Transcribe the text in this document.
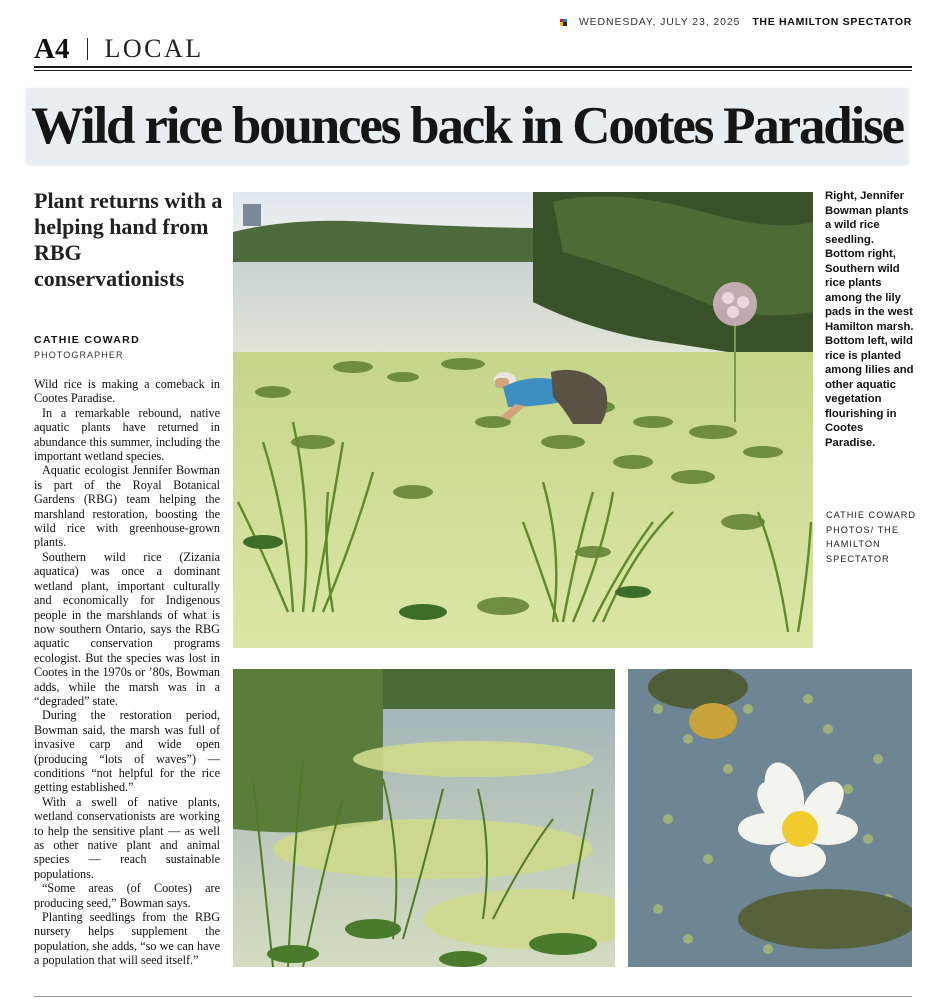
WEDNESDAY, JULY 23, 2025 THE HAMILTON SPECTATOR
A4 LOCAL
Wild rice bounces back in Cootes Paradise
Plant returns with a helping hand from RBG conservationists
CATHIE COWARD
PHOTOGRAPHER

Wild rice is making a comeback in Cootes Paradise.

In a remarkable rebound, native aquatic plants have returned in abundance this summer, including the important wetland species.

Aquatic ecologist Jennifer Bowman is part of the Royal Botanical Gardens (RBG) team helping the marshland restoration, boosting the wild rice with greenhouse-grown plants.

Southern wild rice (Zizania aquatica) was once a dominant wetland plant, important culturally and economically for Indigenous people in the marshlands of what is now southern Ontario, says the RBG aquatic conservation programs ecologist. But the species was lost in Cootes in the 1970s or ’80s, Bowman adds, while the marsh was in a “degraded” state.

During the restoration period, Bowman said, the marsh was full of invasive carp and wide open (producing “lots of waves”) — conditions “not helpful for the rice getting established.”

With a swell of native plants, wetland conservationists are working to help the sensitive plant — as well as other native plant and animal species — reach sustainable populations.

“Some areas (of Cootes) are producing seed,” Bowman says.

Planting seedlings from the RBG nursery helps supplement the population, she adds, “so we can have a population that will seed itself.”

Right, Jennifer Bowman plants a wild rice seedling. Bottom right, Southern wild rice plants among the lily pads in the west Hamilton marsh. Bottom left, wild rice is planted among lilies and other aquatic vegetation flourishing in Cootes Paradise.
CATHIE COWARD PHOTOS/ THE HAMILTON SPECTATOR
